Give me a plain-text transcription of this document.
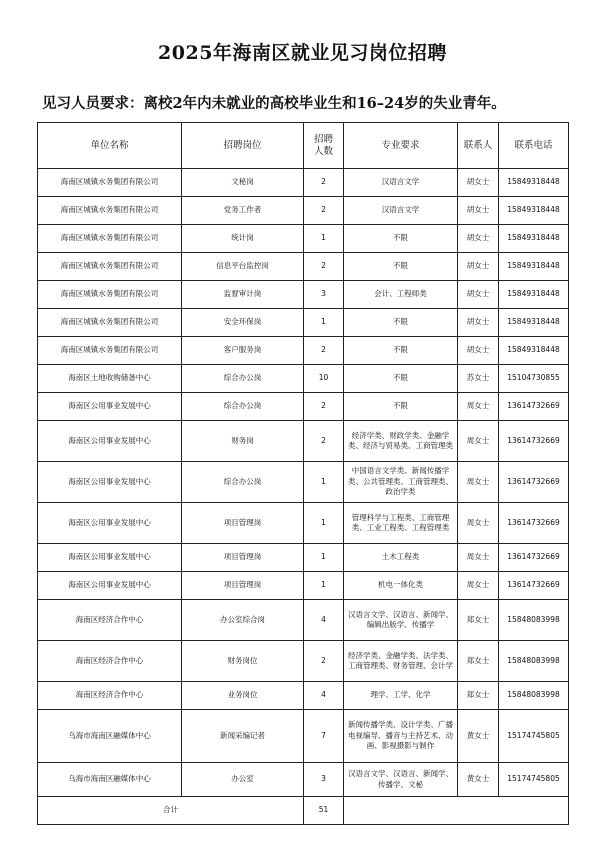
2025年海南区就业见习岗位招聘
见习人员要求：离校2年内未就业的高校毕业生和16–24岁的失业青年。
单位名称	招聘岗位	招聘人数	专业要求	联系人	联系电话
海南区城镇水务集团有限公司	文秘岗	2	汉语言文学	胡女士	15849318448
海南区城镇水务集团有限公司	党务工作者	2	汉语言文学	胡女士	15849318448
海南区城镇水务集团有限公司	统计岗	1	不限	胡女士	15849318448
海南区城镇水务集团有限公司	信息平台监控岗	2	不限	胡女士	15849318448
海南区城镇水务集团有限公司	监督审计岗	3	会计、工程师类	胡女士	15849318448
海南区城镇水务集团有限公司	安全环保岗	1	不限	胡女士	15849318448
海南区城镇水务集团有限公司	客户服务岗	2	不限	胡女士	15849318448
海南区土地收购储备中心	综合办公岗	10	不限	苏女士	15104730855
海南区公用事业发展中心	综合办公岗	2	不限	周女士	13614732669
海南区公用事业发展中心	财务岗	2	经济学类、财政学类、金融学类、经济与贸易类、工商管理类	周女士	13614732669
海南区公用事业发展中心	综合办公岗	1	中国语言文学类、新闻传播学类、公共管理类、工商管理类、政治学类	周女士	13614732669
海南区公用事业发展中心	项目管理岗	1	管理科学与工程类、工商管理类、工业工程类、工程管理类	周女士	13614732669
海南区公用事业发展中心	项目管理岗	1	土木工程类	周女士	13614732669
海南区公用事业发展中心	项目管理岗	1	机电一体化类	周女士	13614732669
海南区经济合作中心	办公室综合岗	4	汉语言文学、汉语言、新闻学、编辑出版学、传播学	郑女士	15848083998
海南区经济合作中心	财务岗位	2	经济学类、金融学类、法学类、工商管理类、财务管理、会计学	郑女士	15848083998
海南区经济合作中心	业务岗位	4	理学、工学、化学	郑女士	15848083998
乌海市海南区融媒体中心	新闻采编记者	7	新闻传播学类、设计学类、广播电视编导、播音与主持艺术、动画、影视摄影与制作	黄女士	15174745805
乌海市海南区融媒体中心	办公室	3	汉语言文学、汉语言、新闻学、传播学、文秘	黄女士	15174745805
合计		51			
